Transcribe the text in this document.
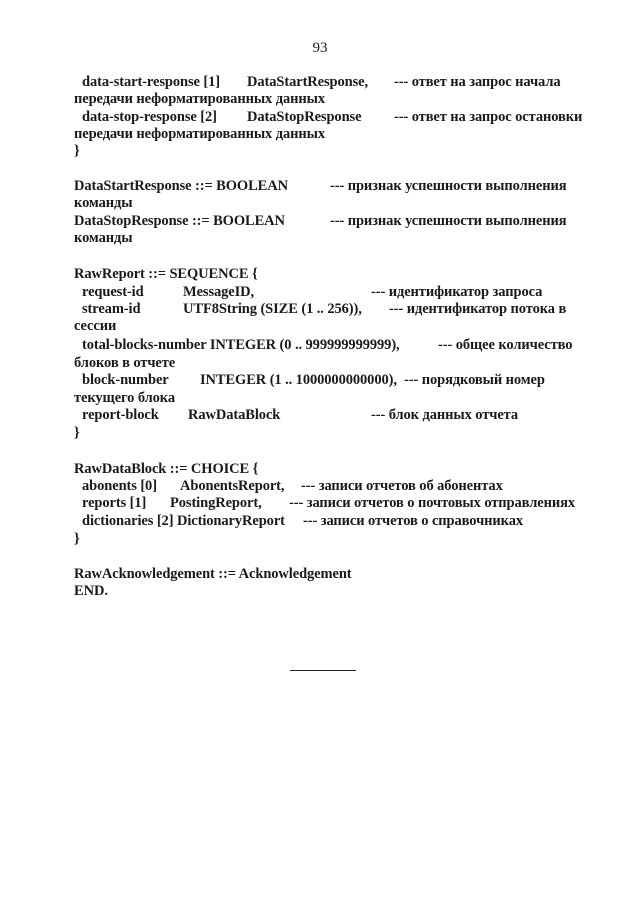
93
data-start-response [1] DataStartResponse, --- ответ на запрос начала
передачи неформатированных данных
data-stop-response [2] DataStopResponse --- ответ на запрос остановки
передачи неформатированных данных
}
DataStartResponse ::= BOOLEAN	--- признак успешности выполнения
команды
DataStopResponse ::= BOOLEAN	--- признак успешности выполнения
команды
RawReport ::= SEQUENCE {
request-id	MessageID,	--- идентификатор запроса
stream-id	UTF8String (SIZE (1 .. 256)), --- идентификатор потока в
сессии
total-blocks-number INTEGER (0 .. 999999999999),	--- общее количество
блоков в отчете
block-number INTEGER (1 .. 1000000000000), --- порядковый номер
текущего блока
report-block RawDataBlock	--- блок данных отчета
}
RawDataBlock ::= CHOICE {
abonents [0] AbonentsReport, --- записи отчетов об абонентах
reports [1] PostingReport, --- записи отчетов о почтовых отправлениях
dictionaries [2] DictionaryReport --- записи отчетов о справочниках
}
RawAcknowledgement ::= Acknowledgement
END.
